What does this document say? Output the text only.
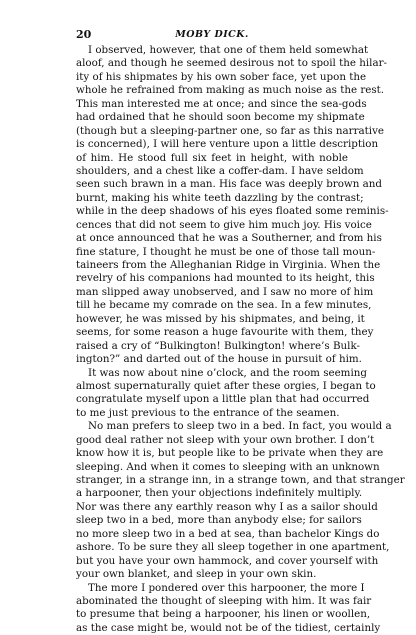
20	MOBY DICK.
I observed, however, that one of them held somewhat
aloof, and though he seemed desirous not to spoil the hilar-
ity of his shipmates by his own sober face, yet upon the
whole he refrained from making as much noise as the rest.
This man interested me at once; and since the sea-gods
had ordained that he should soon become my shipmate
(though but a sleeping-partner one, so far as this narrative
is concerned), I will here venture upon a little description
of him. He stood full six feet in height, with noble
shoulders, and a chest like a coffer-dam. I have seldom
seen such brawn in a man. His face was deeply brown and
burnt, making his white teeth dazzling by the contrast;
while in the deep shadows of his eyes floated some reminis-
cences that did not seem to give him much joy. His voice
at once announced that he was a Southerner, and from his
fine stature, I thought he must be one of those tall moun-
taineers from the Alleghanian Ridge in Virginia. When the
revelry of his companions had mounted to its height, this
man slipped away unobserved, and I saw no more of him
till he became my comrade on the sea. In a few minutes,
however, he was missed by his shipmates, and being, it
seems, for some reason a huge favourite with them, they
raised a cry of “Bulkington! Bulkington! where’s Bulk-
ington?” and darted out of the house in pursuit of him.
It was now about nine o’clock, and the room seeming
almost supernaturally quiet after these orgies, I began to
congratulate myself upon a little plan that had occurred
to me just previous to the entrance of the seamen.
No man prefers to sleep two in a bed. In fact, you would a
good deal rather not sleep with your own brother. I don’t
know how it is, but people like to be private when they are
sleeping. And when it comes to sleeping with an unknown
stranger, in a strange inn, in a strange town, and that stranger
a harpooner, then your objections indefinitely multiply.
Nor was there any earthly reason why I as a sailor should
sleep two in a bed, more than anybody else; for sailors
no more sleep two in a bed at sea, than bachelor Kings do
ashore. To be sure they all sleep together in one apartment,
but you have your own hammock, and cover yourself with
your own blanket, and sleep in your own skin.
The more I pondered over this harpooner, the more I
abominated the thought of sleeping with him. It was fair
to presume that being a harpooner, his linen or woollen,
as the case might be, would not be of the tidiest, certainly
